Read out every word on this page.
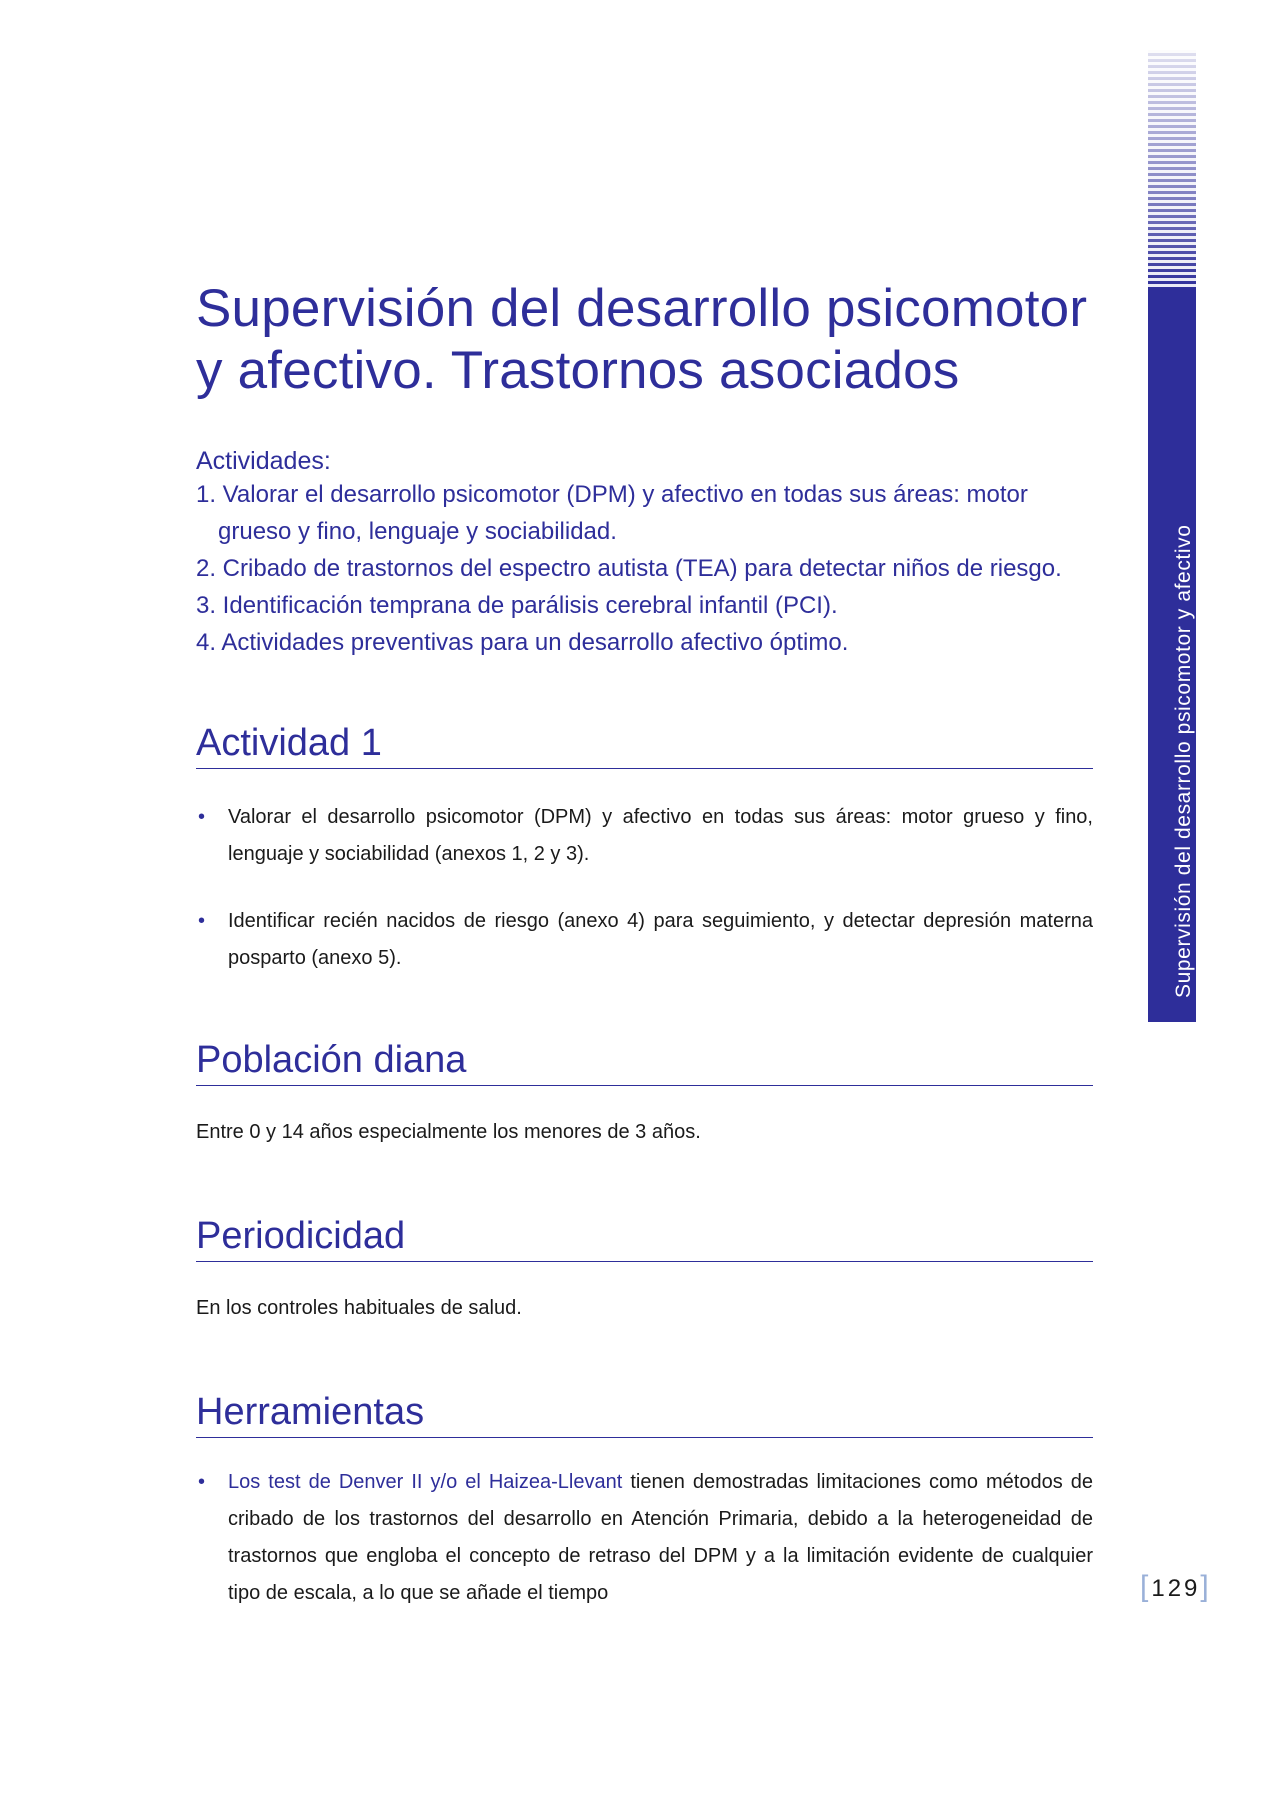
Supervisión del desarrollo psicomotor y afectivo
Supervisión del desarrollo psicomotor
y afectivo. Trastornos asociados
Actividades:
1. Valorar el desarrollo psicomotor (DPM) y afectivo en todas sus áreas: motor grueso y fino, lenguaje y sociabilidad.
2. Cribado de trastornos del espectro autista (TEA) para detectar niños de riesgo.
3. Identificación temprana de parálisis cerebral infantil (PCI).
4. Actividades preventivas para un desarrollo afectivo óptimo.
Actividad 1
• Valorar el desarrollo psicomotor (DPM) y afectivo en todas sus áreas: motor grueso y fino, lenguaje y sociabilidad (anexos 1, 2 y 3).
• Identificar recién nacidos de riesgo (anexo 4) para seguimiento, y detectar depresión materna posparto (anexo 5).
Población diana
Entre 0 y 14 años especialmente los menores de 3 años.
Periodicidad
En los controles habituales de salud.
Herramientas
• Los test de Denver II y/o el Haizea-Llevant tienen demostradas limitaciones como métodos de cribado de los trastornos del desarrollo en Atención Primaria, debido a la heterogeneidad de trastornos que engloba el concepto de retraso del DPM y a la limitación evidente de cualquier tipo de escala, a lo que se añade el tiempo	[129]
